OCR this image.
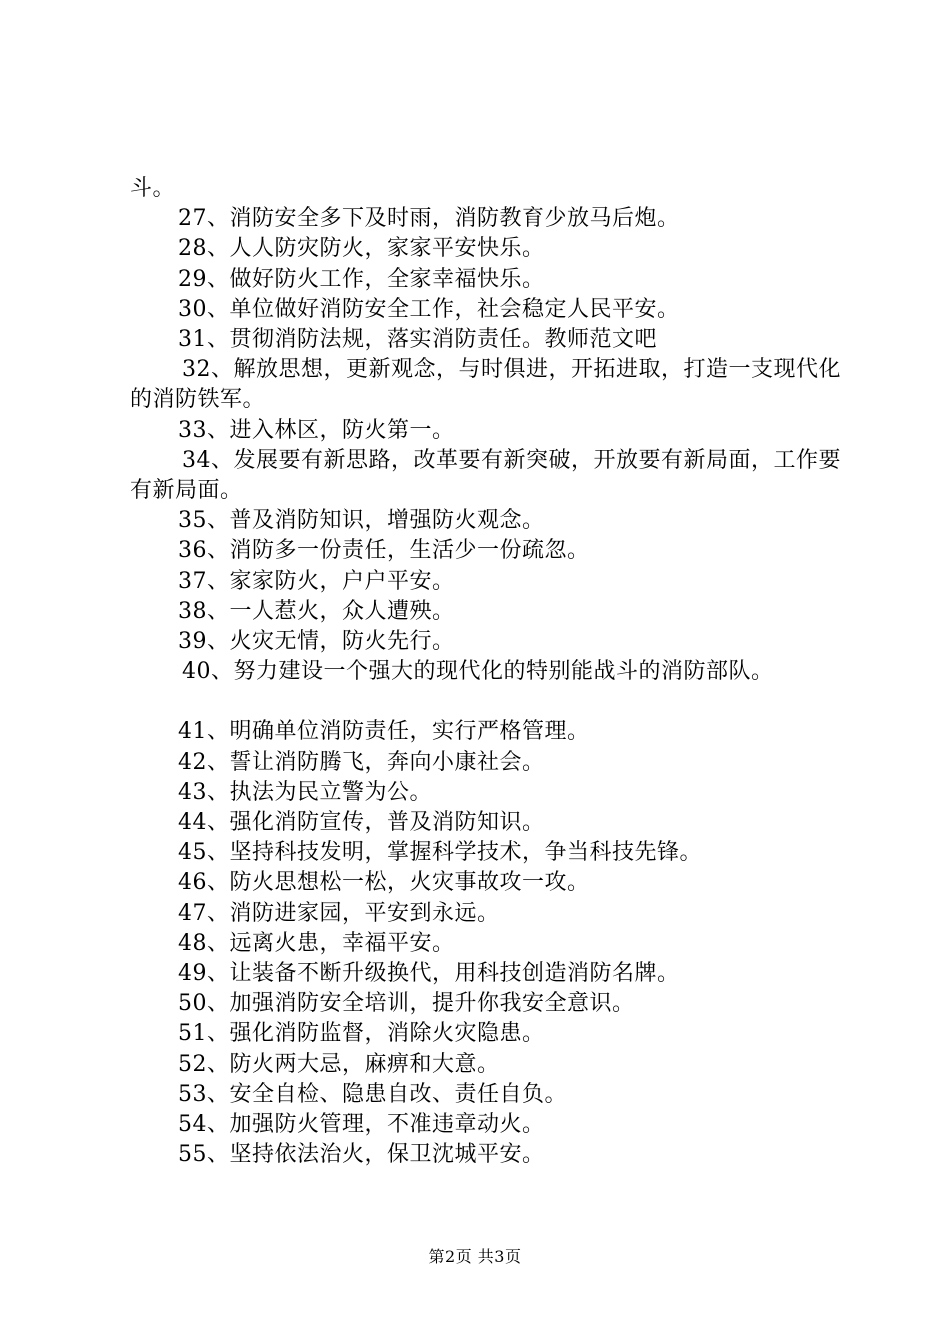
斗。
27、消防安全多下及时雨，消防教育少放马后炮。
28、人人防灾防火，家家平安快乐。
29、做好防火工作，全家幸福快乐。
30、单位做好消防安全工作，社会稳定人民平安。
31、贯彻消防法规，落实消防责任。教师范文吧
32、解放思想，更新观念，与时俱进，开拓进取，打造一支现代化的消防铁军。
33、进入林区，防火第一。
34、发展要有新思路，改革要有新突破，开放要有新局面，工作要有新局面。
35、普及消防知识，增强防火观念。
36、消防多一份责任，生活少一份疏忽。
37、家家防火，户户平安。
38、一人惹火，众人遭殃。
39、火灾无情，防火先行。
40、努力建设一个强大的现代化的特别能战斗的消防部队。
41、明确单位消防责任，实行严格管理。
42、誓让消防腾飞，奔向小康社会。
43、执法为民立警为公。
44、强化消防宣传，普及消防知识。
45、坚持科技发明，掌握科学技术，争当科技先锋。
46、防火思想松一松，火灾事故攻一攻。
47、消防进家园，平安到永远。
48、远离火患，幸福平安。
49、让装备不断升级换代，用科技创造消防名牌。
50、加强消防安全培训，提升你我安全意识。
51、强化消防监督，消除火灾隐患。
52、防火两大忌，麻痹和大意。
53、安全自检、隐患自改、责任自负。
54、加强防火管理，不准违章动火。
55、坚持依法治火，保卫沈城平安。
第2页 共3页
